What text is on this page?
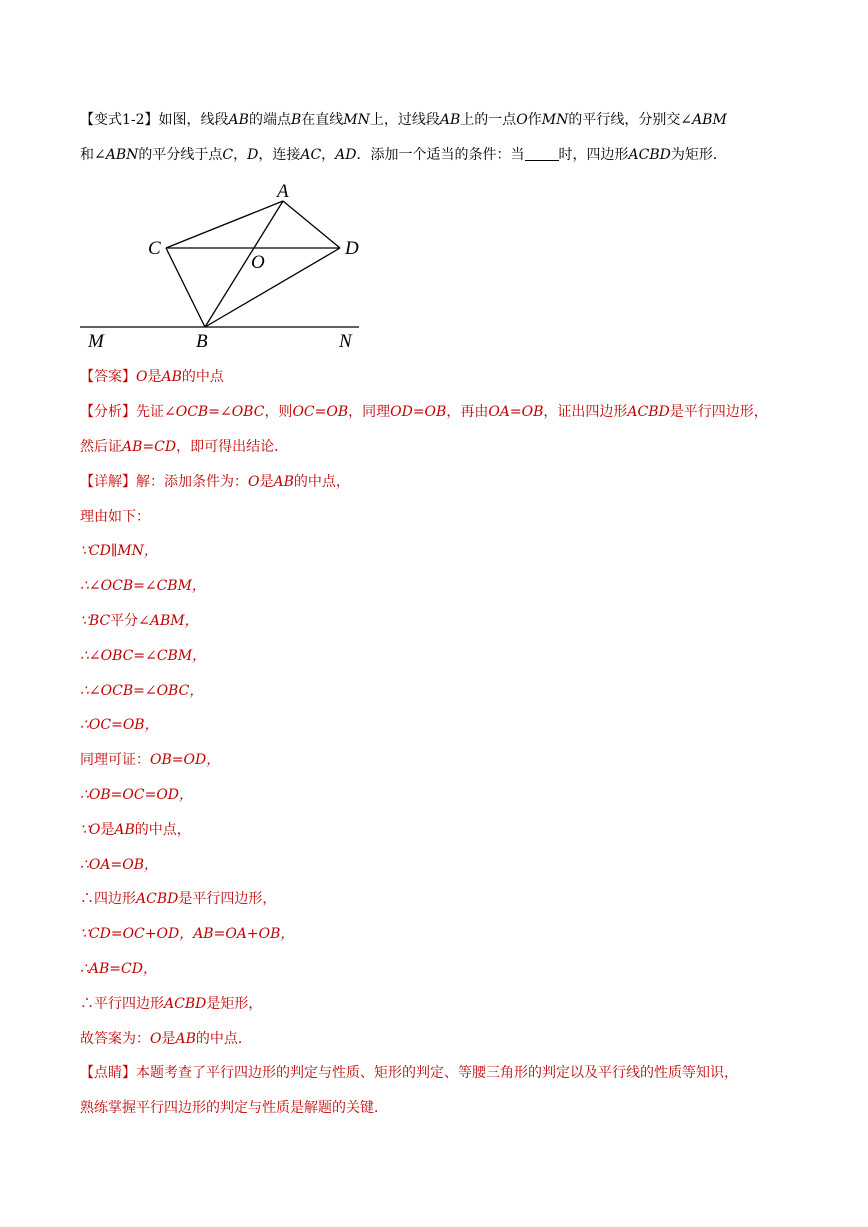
【变式1-2】如图，线段AB的端点B在直线MN上，过线段AB上的一点O作MN的平行线，分别交∠ABM
和∠ABN的平分线于点C，D，连接AC，AD．添加一个适当的条件：当 时，四边形ACBD为矩形．
A
C
O
D
M	B	N
【答案】O是AB的中点
【分析】先证∠OCB=∠OBC，则OC=OB，同理OD=OB，再由OA=OB，证出四边形ACBD是平行四边形，
然后证AB=CD，即可得出结论．
【详解】解：添加条件为：O是AB的中点，
理由如下：
∵CD∥MN，
∴∠OCB=∠CBM，
∵BC平分∠ABM，
∴∠OBC=∠CBM，
∴∠OCB=∠OBC，
∴OC=OB，
同理可证：OB=OD，
∴OB=OC=OD，
∵O是AB的中点，
∴OA=OB，
∴四边形ACBD是平行四边形，
∵CD=OC+OD，AB=OA+OB，
∴AB=CD，
∴平行四边形ACBD是矩形，
故答案为：O是AB的中点．
【点睛】本题考查了平行四边形的判定与性质、矩形的判定、等腰三角形的判定以及平行线的性质等知识，
熟练掌握平行四边形的判定与性质是解题的关键．
